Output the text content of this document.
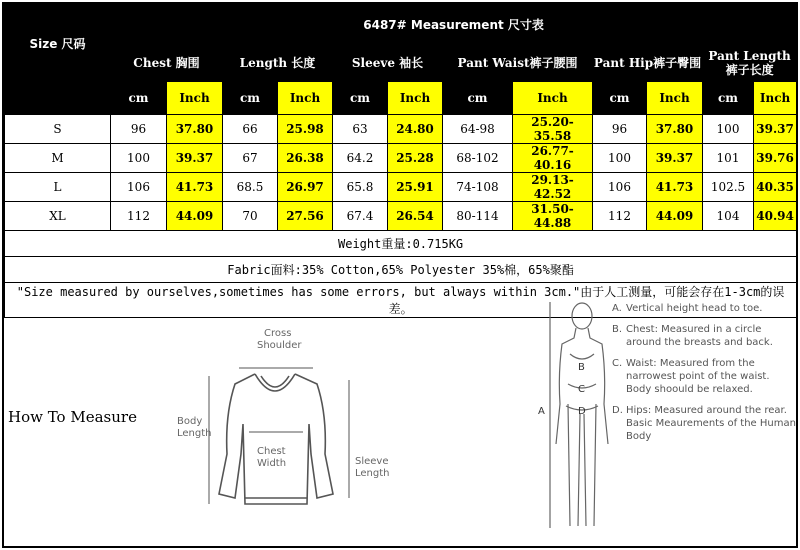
Size 尺码	6487# Measurement 尺寸表											
	Chest 胸围		Length 长度		Sleeve 袖长		Pant Waist裤子腰围		Pant Hip裤子臀围		Pant Length裤子长度	
	cm	Inch	cm	Inch	cm	Inch	cm	Inch	cm	Inch	cm	Inch
S	96	37.80	66	25.98	63	24.80	64-98	25.20-35.58	96	37.80	100	39.37
M	100	39.37	67	26.38	64.2	25.28	68-102	26.77-40.16	100	39.37	101	39.76
L	106	41.73	68.5	26.97	65.8	25.91	74-108	29.13-42.52	106	41.73	102.5	40.35
XL	112	44.09	70	27.56	67.4	26.54	80-114	31.50-44.88	112	44.09	104	40.94
Weight重量:0.715KG												
Fabric面料:35% Cotton,65% Polyester 35%棉，65%聚酯												
"Size measured by ourselves,sometimes has some errors, but always within 3cm."由于人工测量，可能会存在1-3cm的误差。												
How To Measure
Cross
Shoulder
Body
Length
Chest
Width	Sleeve
Length
B
C
D
A
A. Vertical height head to toe.
B. Chest: Measured in a circle around the breasts and back.
C. Waist: Measured from the narrowest point of the waist. Body shoould be relaxed.
D. Hips: Measured around the rear. Basic Meaurements of the Human Body
